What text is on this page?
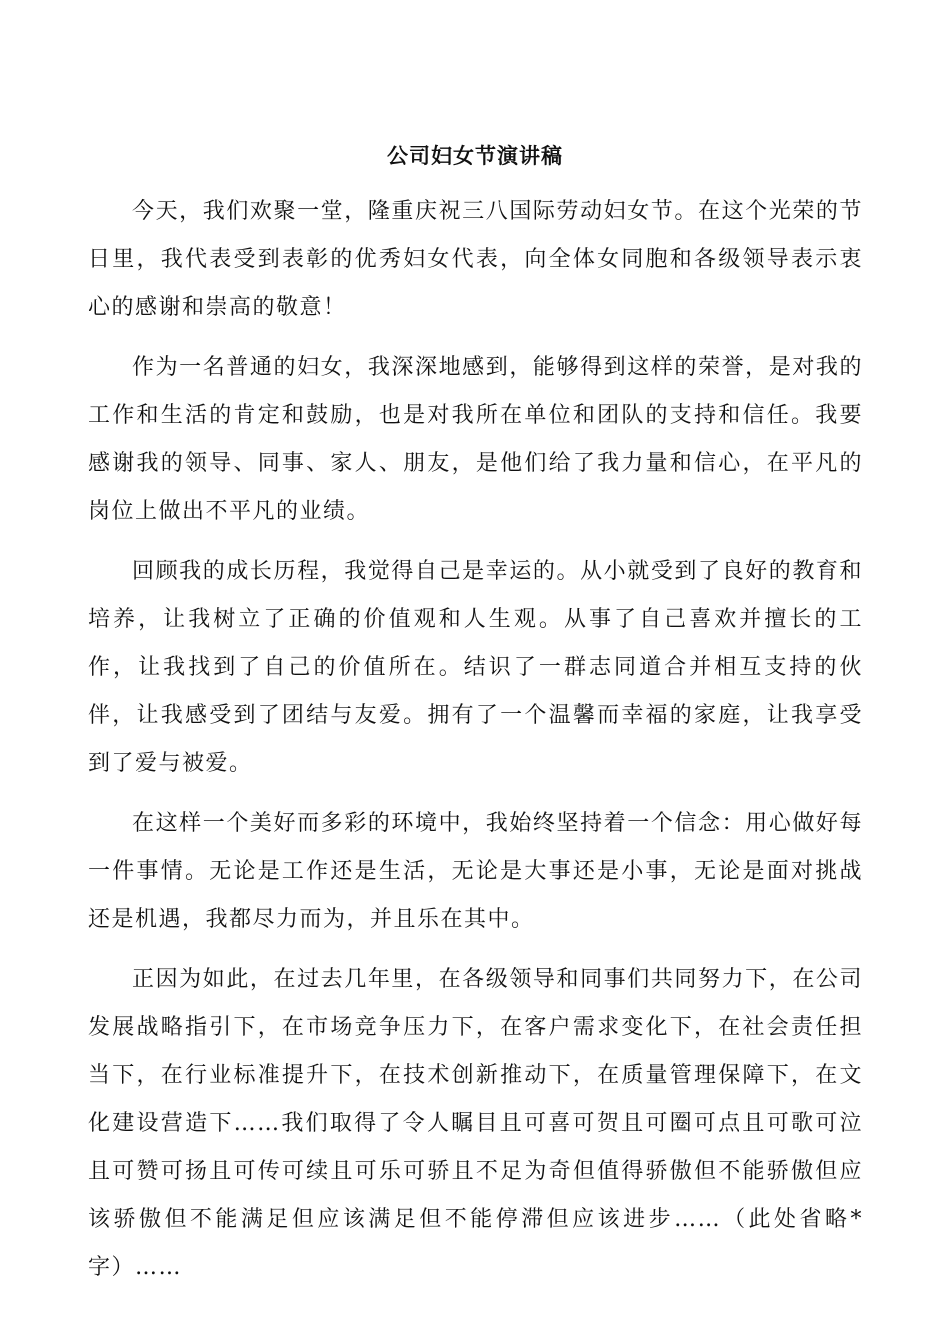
公司妇女节演讲稿

今天，我们欢聚一堂，隆重庆祝三八国际劳动妇女节。在这个光荣的节日里，我代表受到表彰的优秀妇女代表，向全体女同胞和各级领导表示衷心的感谢和崇高的敬意！

作为一名普通的妇女，我深深地感到，能够得到这样的荣誉，是对我的工作和生活的肯定和鼓励，也是对我所在单位和团队的支持和信任。我要感谢我的领导、同事、家人、朋友，是他们给了我力量和信心，在平凡的岗位上做出不平凡的业绩。

回顾我的成长历程，我觉得自己是幸运的。从小就受到了良好的教育和培养，让我树立了正确的价值观和人生观。从事了自己喜欢并擅长的工作，让我找到了自己的价值所在。结识了一群志同道合并相互支持的伙伴，让我感受到了团结与友爱。拥有了一个温馨而幸福的家庭，让我享受到了爱与被爱。

在这样一个美好而多彩的环境中，我始终坚持着一个信念：用心做好每一件事情。无论是工作还是生活，无论是大事还是小事，无论是面对挑战还是机遇，我都尽力而为，并且乐在其中。

正因为如此，在过去几年里，在各级领导和同事们共同努力下，在公司发展战略指引下，在市场竞争压力下，在客户需求变化下，在社会责任担当下，在行业标准提升下，在技术创新推动下，在质量管理保障下，在文化建设营造下……我们取得了令人瞩目且可喜可贺且可圈可点且可歌可泣且可赞可扬且可传可续且可乐可骄且不足为奇但值得骄傲但不能骄傲但应该骄傲但不能满足但应该满足但不能停滞但应该进步……（此处省略*字）……
